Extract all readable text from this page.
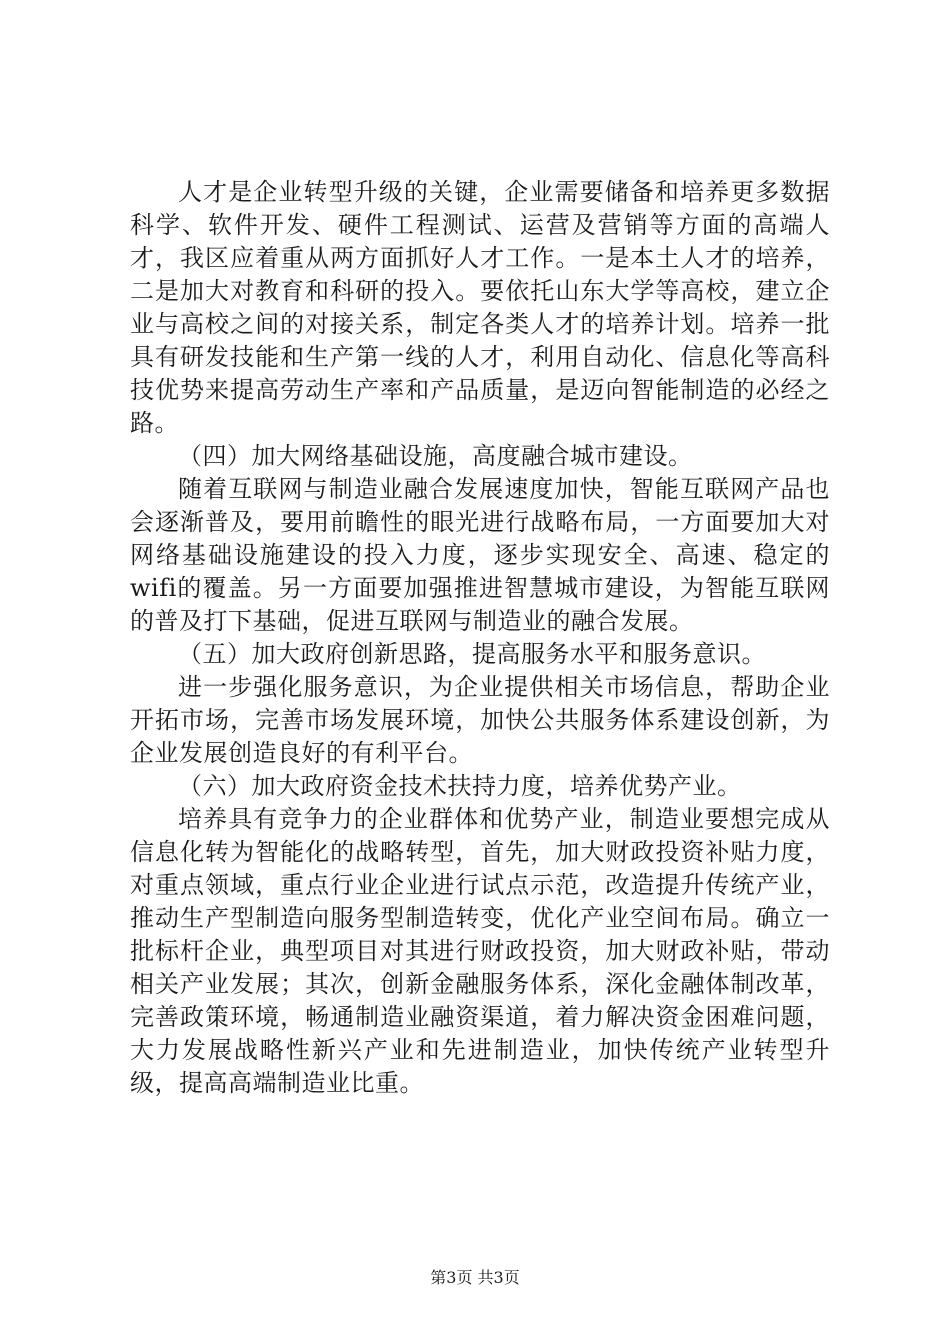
人才是企业转型升级的关键，企业需要储备和培养更多数据科学、软件开发、硬件工程测试、运营及营销等方面的高端人才，我区应着重从两方面抓好人才工作。一是本土人才的培养，二是加大对教育和科研的投入。要依托山东大学等高校，建立企业与高校之间的对接关系，制定各类人才的培养计划。培养一批具有研发技能和生产第一线的人才，利用自动化、信息化等高科技优势来提高劳动生产率和产品质量，是迈向智能制造的必经之路。

（四）加大网络基础设施，高度融合城市建设。

随着互联网与制造业融合发展速度加快，智能互联网产品也会逐渐普及，要用前瞻性的眼光进行战略布局，一方面要加大对网络基础设施建设的投入力度，逐步实现安全、高速、稳定的wifi的覆盖。另一方面要加强推进智慧城市建设，为智能互联网的普及打下基础，促进互联网与制造业的融合发展。

（五）加大政府创新思路，提高服务水平和服务意识。

进一步强化服务意识，为企业提供相关市场信息，帮助企业开拓市场，完善市场发展环境，加快公共服务体系建设创新，为企业发展创造良好的有利平台。

（六）加大政府资金技术扶持力度，培养优势产业。

培养具有竞争力的企业群体和优势产业，制造业要想完成从信息化转为智能化的战略转型，首先，加大财政投资补贴力度，对重点领域，重点行业企业进行试点示范，改造提升传统产业，推动生产型制造向服务型制造转变，优化产业空间布局。确立一批标杆企业，典型项目对其进行财政投资，加大财政补贴，带动相关产业发展；其次，创新金融服务体系，深化金融体制改革，完善政策环境，畅通制造业融资渠道，着力解决资金困难问题，大力发展战略性新兴产业和先进制造业，加快传统产业转型升级，提高高端制造业比重。

第3页 共3页
